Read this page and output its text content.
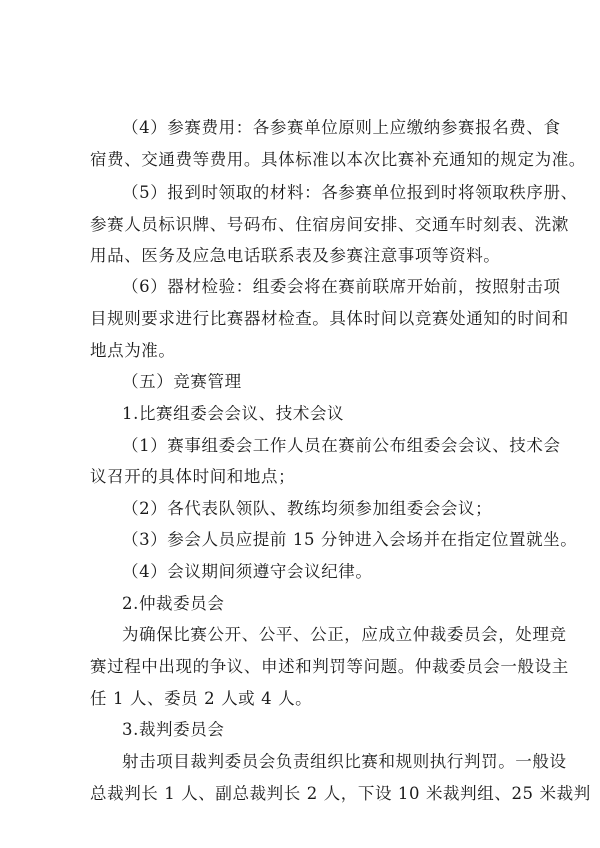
（4）参赛费用：各参赛单位原则上应缴纳参赛报名费、食
宿费、交通费等费用。具体标准以本次比赛补充通知的规定为准。
（5）报到时领取的材料：各参赛单位报到时将领取秩序册、
参赛人员标识牌、号码布、住宿房间安排、交通车时刻表、洗漱
用品、医务及应急电话联系表及参赛注意事项等资料。
（6）器材检验：组委会将在赛前联席开始前，按照射击项
目规则要求进行比赛器材检查。具体时间以竞赛处通知的时间和
地点为准。
（五）竞赛管理
1.比赛组委会会议、技术会议
（1）赛事组委会工作人员在赛前公布组委会会议、技术会
议召开的具体时间和地点；
（2）各代表队领队、教练均须参加组委会会议；
（3）参会人员应提前 15 分钟进入会场并在指定位置就坐。
（4）会议期间须遵守会议纪律。
2.仲裁委员会
为确保比赛公开、公平、公正，应成立仲裁委员会，处理竞
赛过程中出现的争议、申述和判罚等问题。仲裁委员会一般设主
任 1 人、委员 2 人或 4 人。
3.裁判委员会
射击项目裁判委员会负责组织比赛和规则执行判罚。一般设
总裁判长 1 人、副总裁判长 2 人，下设 10 米裁判组、25 米裁判
